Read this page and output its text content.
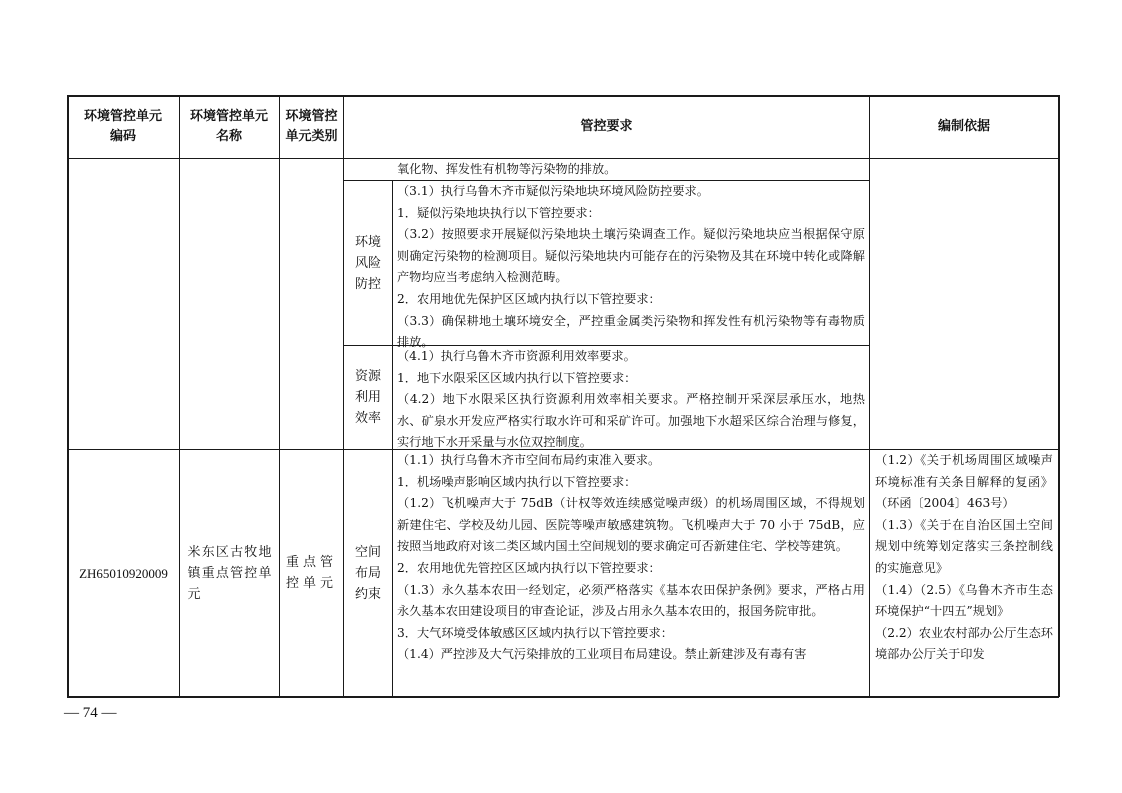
环境管控单元编码
环境管控单元名称
环境管控单元类别
管控要求	编制依据

氧化物、挥发性有机物等污染物的排放。

环境风险防控

（3.1）执行乌鲁木齐市疑似污染地块环境风险防控要求。

1．疑似污染地块执行以下管控要求：

（3.2）按照要求开展疑似污染地块土壤污染调查工作。疑似污染地块应当根据保守原则确定污染物的检测项目。疑似污染地块内可能存在的污染物及其在环境中转化或降解产物均应当考虑纳入检测范畴。

2．农用地优先保护区区域内执行以下管控要求：

（3.3）确保耕地土壤环境安全，严控重金属类污染物和挥发性有机污染物等有毒物质排放。

资源利用效率

（4.1）执行乌鲁木齐市资源利用效率要求。

1．地下水限采区区域内执行以下管控要求：

（4.2）地下水限采区执行资源利用效率相关要求。严格控制开采深层承压水，地热水、矿泉水开发应严格实行取水许可和采矿许可。加强地下水超采区综合治理与修复，实行地下水开采量与水位双控制度。

ZH65010920009
米东区古牧地镇重点管控单元
重点管控单元
空间布局约束

（1.1）执行乌鲁木齐市空间布局约束准入要求。

1．机场噪声影响区域内执行以下管控要求：

（1.2）飞机噪声大于 75dB（计权等效连续感觉噪声级）的机场周围区域，不得规划新建住宅、学校及幼儿园、医院等噪声敏感建筑物。飞机噪声大于 70 小于 75dB，应按照当地政府对该二类区域内国土空间规划的要求确定可否新建住宅、学校等建筑。

2．农用地优先管控区区域内执行以下管控要求：

（1.3）永久基本农田一经划定，必须严格落实《基本农田保护条例》要求，严格占用永久基本农田建设项目的审查论证，涉及占用永久基本农田的，报国务院审批。

3．大气环境受体敏感区区域内执行以下管控要求：

（1.4）严控涉及大气污染排放的工业项目布局建设。禁止新建涉及有毒有害

（1.2）《关于机场周围区域噪声环境标准有关条目解释的复函》（环函〔2004〕463号）

（1.3）《关于在自治区国土空间规划中统筹划定落实三条控制线的实施意见》

（1.4）（2.5）《乌鲁木齐市生态环境保护“十四五”规划》

（2.2）农业农村部办公厅生态环境部办公厅关于印发

— 74 —
